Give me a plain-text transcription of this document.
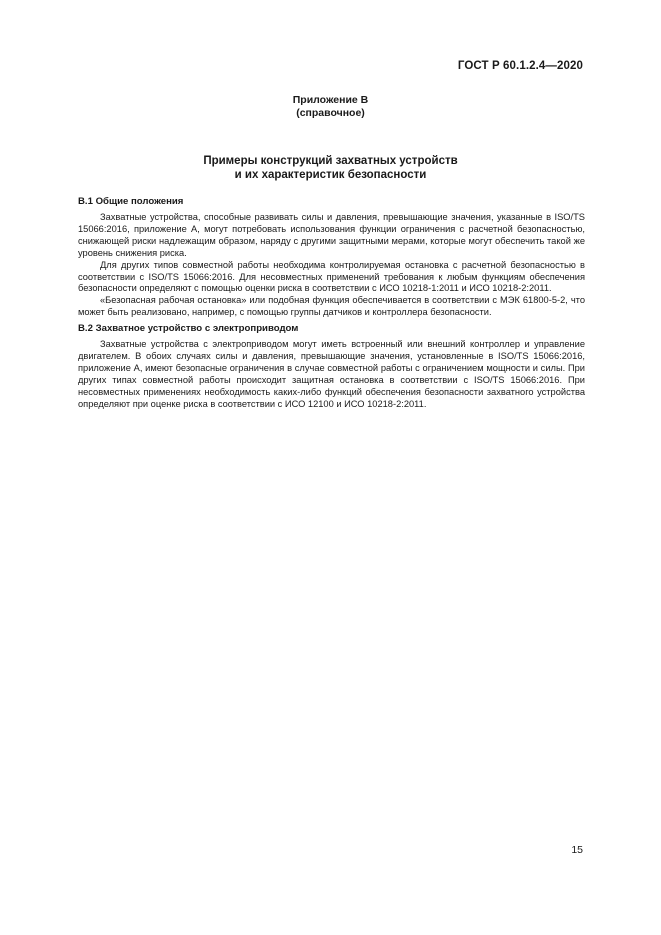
ГОСТ Р 60.1.2.4—2020
Приложение В
(справочное)
Примеры конструкций захватных устройств
и их характеристик безопасности

В.1 Общие положения

Захватные устройства, способные развивать силы и давления, превышающие значения, указанные в ISO/TS 15066:2016, приложение А, могут потребовать использования функции ограничения с расчетной безопасностью, снижающей риски надлежащим образом, наряду с другими защитными мерами, которые могут обеспечить такой же уровень снижения риска.

Для других типов совместной работы необходима контролируемая остановка с расчетной безопасностью в соответствии с ISO/TS 15066:2016. Для несовместных применений требования к любым функциям обеспечения безопасности определяют с помощью оценки риска в соответствии с ИСО 10218-1:2011 и ИСО 10218-2:2011.

«Безопасная рабочая остановка» или подобная функция обеспечивается в соответствии с МЭК 61800-5-2, что может быть реализовано, например, с помощью группы датчиков и контроллера безопасности.

В.2 Захватное устройство с электроприводом

Захватные устройства с электроприводом могут иметь встроенный или внешний контроллер и управление двигателем. В обоих случаях силы и давления, превышающие значения, установленные в ISO/TS 15066:2016, приложение А, имеют безопасные ограничения в случае совместной работы с ограничением мощности и силы. При других типах совместной работы происходит защитная остановка в соответствии с ISO/TS 15066:2016. При несовместных применениях необходимость каких-либо функций обеспечения безопасности захватного устройства определяют при оценке риска в соответствии с ИСО 12100 и ИСО 10218-2:2011.

15
